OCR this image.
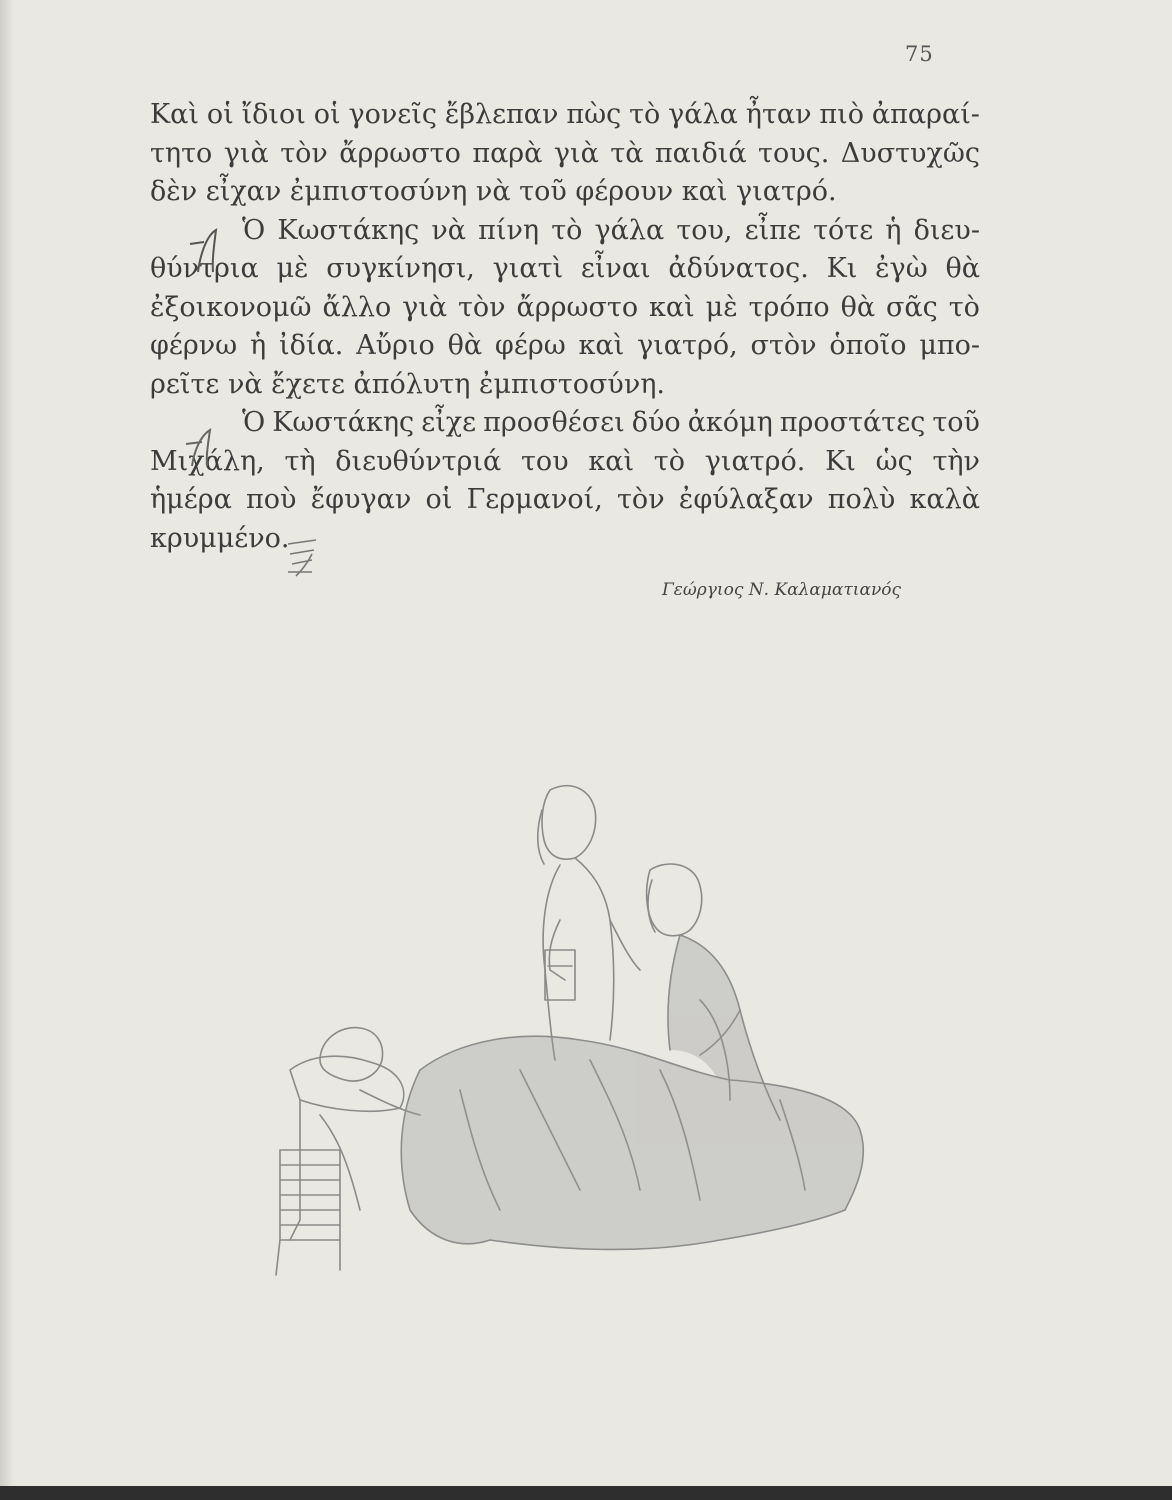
75
Καὶ οἱ ἴδιοι οἱ γονεῖς ἔβλεπαν πὼς τὸ γάλα ἦταν πιὸ ἀπαραί-
τητο γιὰ τὸν ἄρρωστο παρὰ γιὰ τὰ παιδιά τους. Δυστυχῶς
δὲν εἶχαν ἐμπιστοσύνη νὰ τοῦ φέρουν καὶ γιατρό.
Ὁ Κωστάκης νὰ πίνη τὸ γάλα του, εἶπε τότε ἡ διευ-
θύντρια μὲ συγκίνησι, γιατὶ εἶναι ἀδύνατος. Κι ἐγὼ θὰ
ἐξοικονομῶ ἄλλο γιὰ τὸν ἄρρωστο καὶ μὲ τρόπο θὰ σᾶς τὸ
φέρνω ἡ ἰδία. Αὔριο θὰ φέρω καὶ γιατρό, στὸν ὁποῖο μπο-
ρεῖτε νὰ ἔχετε ἀπόλυτη ἐμπιστοσύνη.
Ὁ Κωστάκης εἶχε προσθέσει δύο ἀκόμη προστάτες τοῦ
Μιχάλη, τὴ διευθύντριά του καὶ τὸ γιατρό. Κι ὡς τὴν
ἡμέρα ποὺ ἔφυγαν οἱ Γερμανοί, τὸν ἐφύλαξαν πολὺ καλὰ
κρυμμένο.
Γεώργιος Ν. Καλαματιανός
